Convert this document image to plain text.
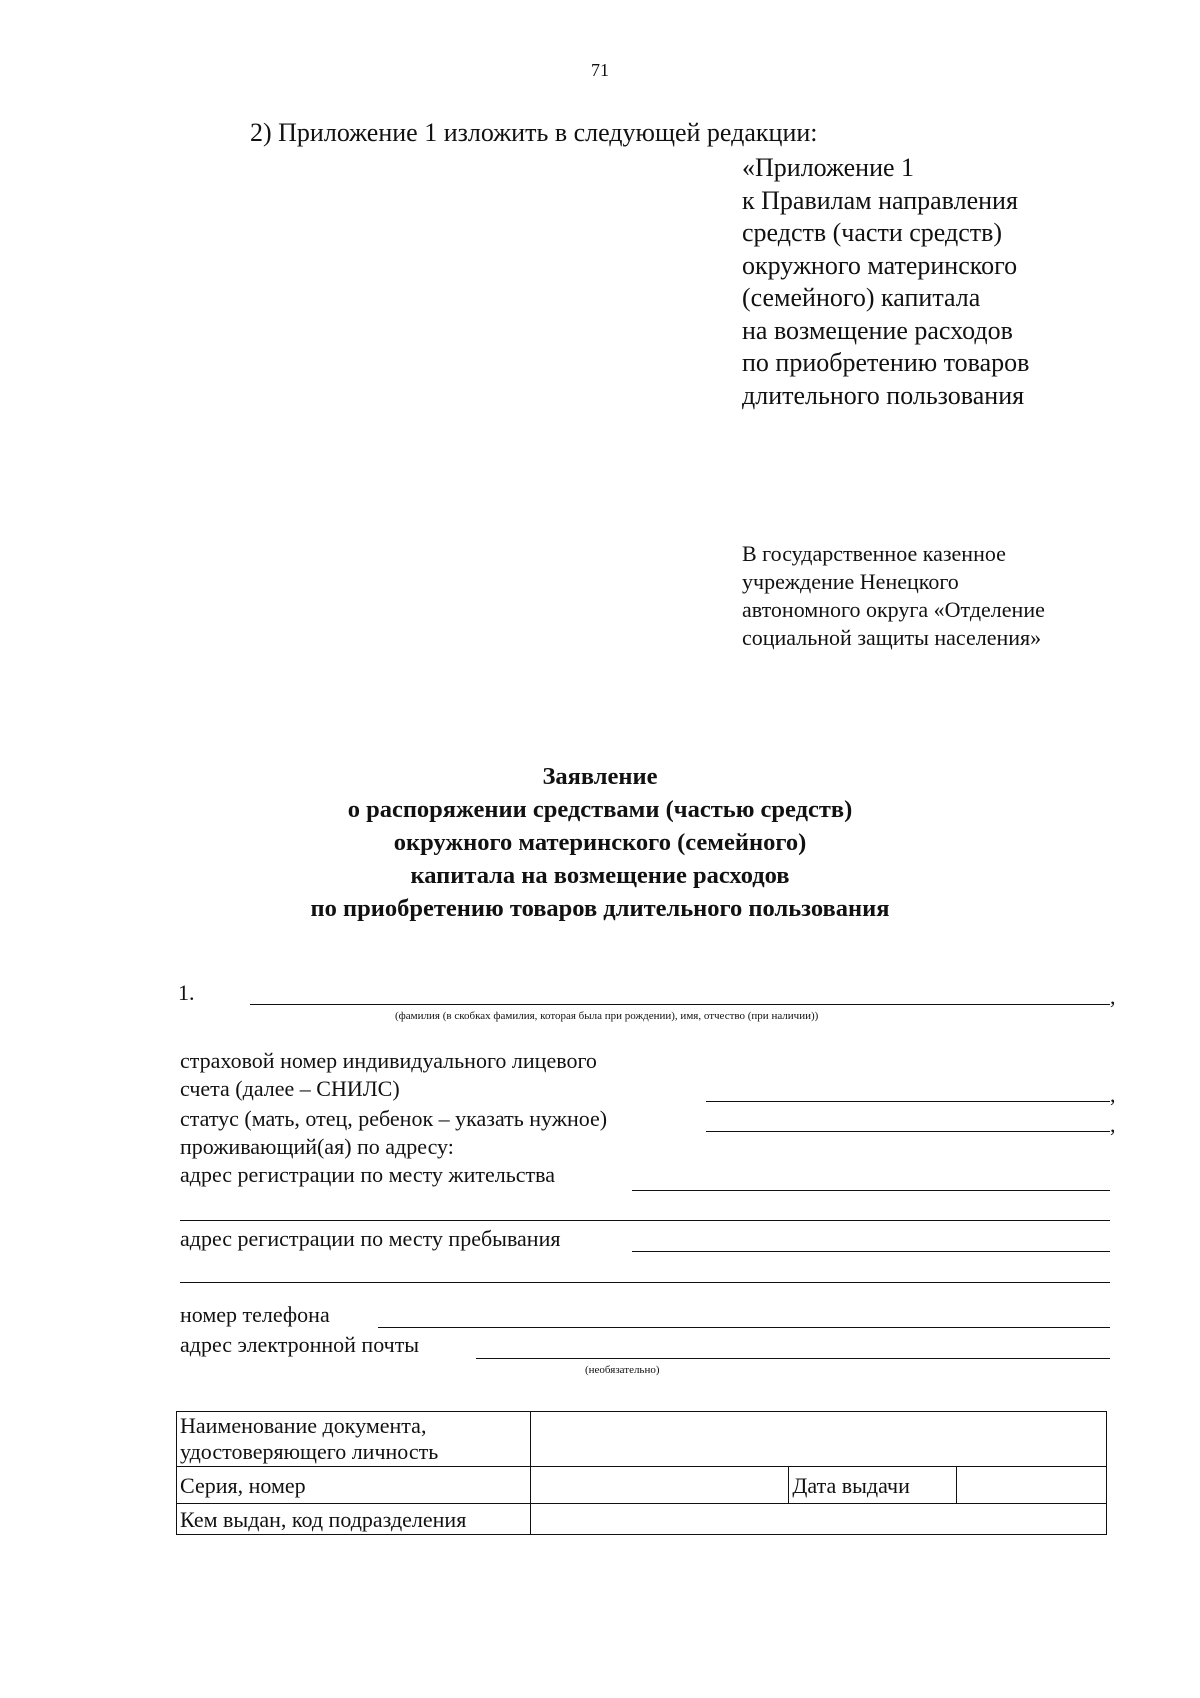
71
2) Приложение 1 изложить в следующей редакции:
«Приложение 1
к Правилам направления
средств (части средств)
окружного материнского
(семейного) капитала
на возмещение расходов
по приобретению товаров
длительного пользования
В государственное казенное
учреждение Ненецкого
автономного округа «Отделение
социальной защиты населения»
Заявление
о распоряжении средствами (частью средств)
окружного материнского (семейного)
капитала на возмещение расходов
по приобретению товаров длительного пользования
1.	,
(фамилия (в скобках фамилия, которая была при рождении), имя, отчество (при наличии))
страховой номер индивидуального лицевого
счета (далее – СНИЛС)	,
статус (мать, отец, ребенок – указать нужное)	,
проживающий(ая) по адресу:
адрес регистрации по месту жительства
адрес регистрации по месту пребывания
номер телефона
адрес электронной почты
(необязательно)
Наименование документа,
удостоверяющего личность			

Серия, номер		Дата выдачи	
Кем выдан, код подразделения			
